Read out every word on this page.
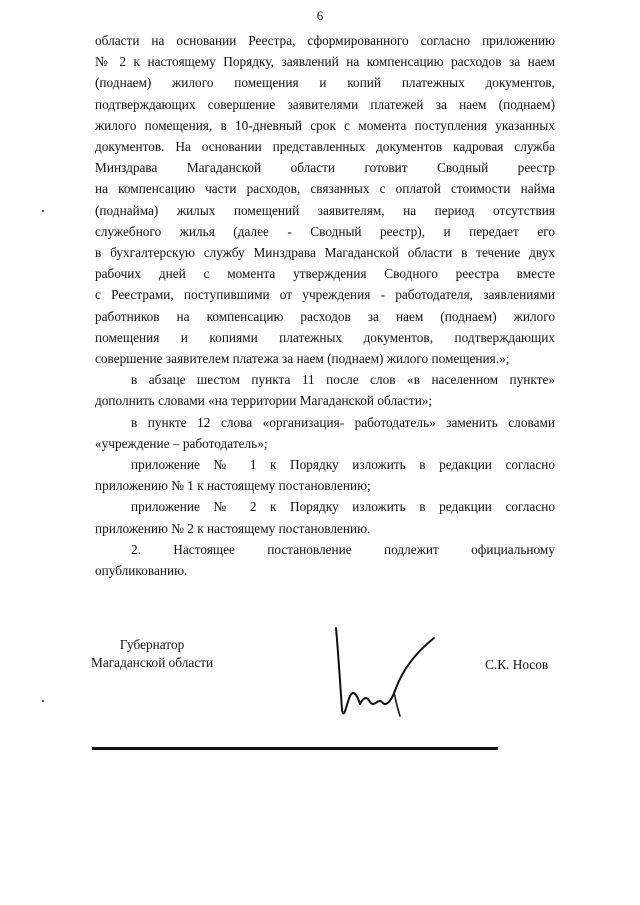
6
области на основании Реестра, сформированного согласно приложению
№ 2 к настоящему Порядку, заявлений на компенсацию расходов за наем
(поднаем) жилого помещения и копий платежных документов,
подтверждающих совершение заявителями платежей за наем (поднаем)
жилого помещения, в 10-дневный срок с момента поступления указанных
документов. На основании представленных документов кадровая служба
Минздрава Магаданской области готовит Сводный реестр
на компенсацию части расходов, связанных с оплатой стоимости найма
(поднайма) жилых помещений заявителям, на период отсутствия
служебного жилья (далее - Сводный реестр), и передает его
в бухгалтерскую службу Минздрава Магаданской области в течение двух
рабочих дней с момента утверждения Сводного реестра вместе
с Реестрами, поступившими от учреждения - работодателя, заявлениями
работников на компенсацию расходов за наем (поднаем) жилого
помещения и копиями платежных документов, подтверждающих
совершение заявителем платежа за наем (поднаем) жилого помещения.»;
в абзаце шестом пункта 11 после слов «в населенном пункте»
дополнить словами «на территории Магаданской области»;
в пункте 12 слова «организация- работодатель» заменить словами
«учреждение – работодатель»;
приложение № 1 к Порядку изложить в редакции согласно
приложению № 1 к настоящему постановлению;
приложение № 2 к Порядку изложить в редакции согласно
приложению № 2 к настоящему постановлению.
2. Настоящее постановление подлежит официальному
опубликованию.
Губернатор
Магаданской области	С.К. Носов
